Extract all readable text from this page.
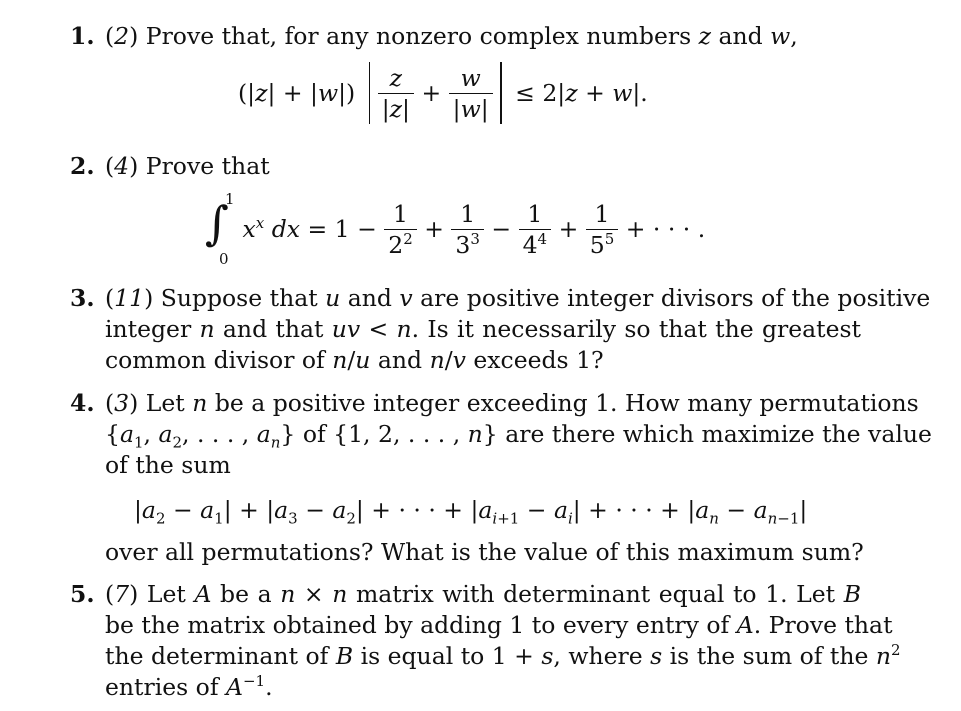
1. (2) Prove that, for any nonzero complex numbers z and w,
$(|z| + |w|) \frac{z}{|z|} + \frac{w}{|w|} \le 2|z + w|$.
2. (4) Prove that
∫
1
0
$x^x$ dx = $1 - \frac{1}{2^2} + \frac{1}{3^3} - \frac{1}{4^4} + \frac{1}{5^5}$ + · · · .
3. (11) Suppose that u and v are positive integer divisors of the positive
integer n and that uv < n. Is it necessarily so that the greatest
common divisor of n/u and n/v exceeds 1?
4. (3) Let n be a positive integer exceeding 1. How many permutations
{$a_1$, $a_2$, . . . , $a_n$} of {1, 2, . . . , n} are there which maximize the value
of the sum
$|a_2 - a_1| + |a_3 - a_2|$ + · · · + $|a_{i+1} - a_i|$ + · · · + $|a_n - a_{n-1}|$
over all permutations? What is the value of this maximum sum?
5. (7) Let A be a n × n matrix with determinant equal to 1. Let B
be the matrix obtained by adding 1 to every entry of A. Prove that
the determinant of B is equal to 1 + s, where s is the sum of the $n^2$
entries of $A^{-1}$.
